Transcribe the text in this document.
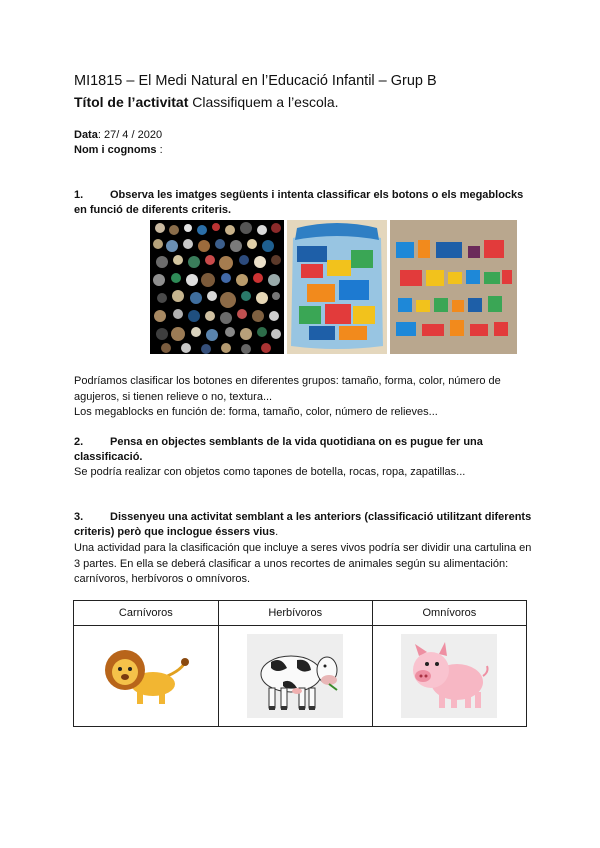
MI1815 – El Medi Natural en l’Educació Infantil – Grup B
Títol de l’activitat Classifiquem a l’escola.
Data: 27/ 4 / 2020
Nom i cognoms :
1. Observa les imatges següents i intenta classificar els botons o els megablocks en funció de diferents criteris.
Podríamos clasificar los botones en diferentes grupos: tamaño, forma, color, número de agujeros, si tienen relieve o no, textura...
Los megablocks en función de: forma, tamaño, color, número de relieves...
2. Pensa en objectes semblants de la vida quotidiana on es pugue fer una classificació.
Se podría realizar con objetos como tapones de botella, rocas, ropa, zapatillas...
3. Dissenyeu una activitat semblant a les anteriors (classificació utilitzant diferents criteris) però que inclogue éssers vius.
Una actividad para la clasificación que incluye a seres vivos podría ser dividir una cartulina en 3 partes. En ella se deberá clasificar a unos recortes de animales según su alimentación: carnívoros, herbívoros o omnívoros.
Carnívoros	Herbívoros	Omnívoros
